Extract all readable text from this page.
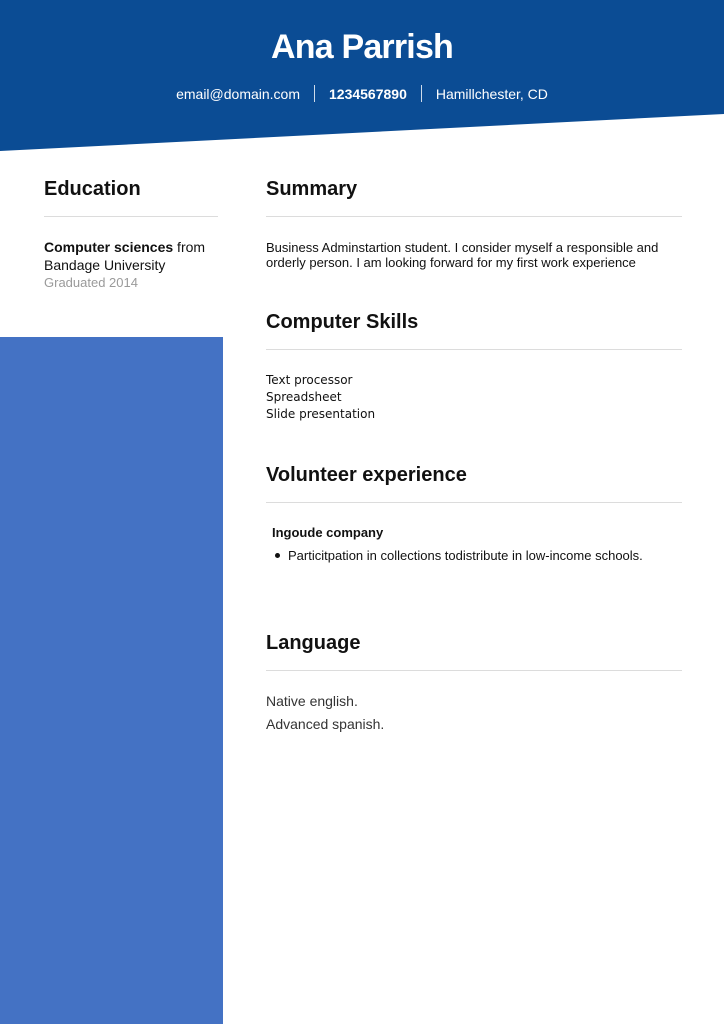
Ana Parrish
email@domain.com 1234567890 Hamillchester, CD
Education
Computer sciences from
Bandage University
Graduated 2014
Summary

Business Adminstartion student. I consider myself a responsible and orderly person. I am looking forward for my first work experience

Computer Skills
Text processor
Spreadsheet
Slide presentation
Volunteer experience
Ingoude company
Particitpation in collections todistribute in low-income schools.
Language
Native english.
Advanced spanish.
